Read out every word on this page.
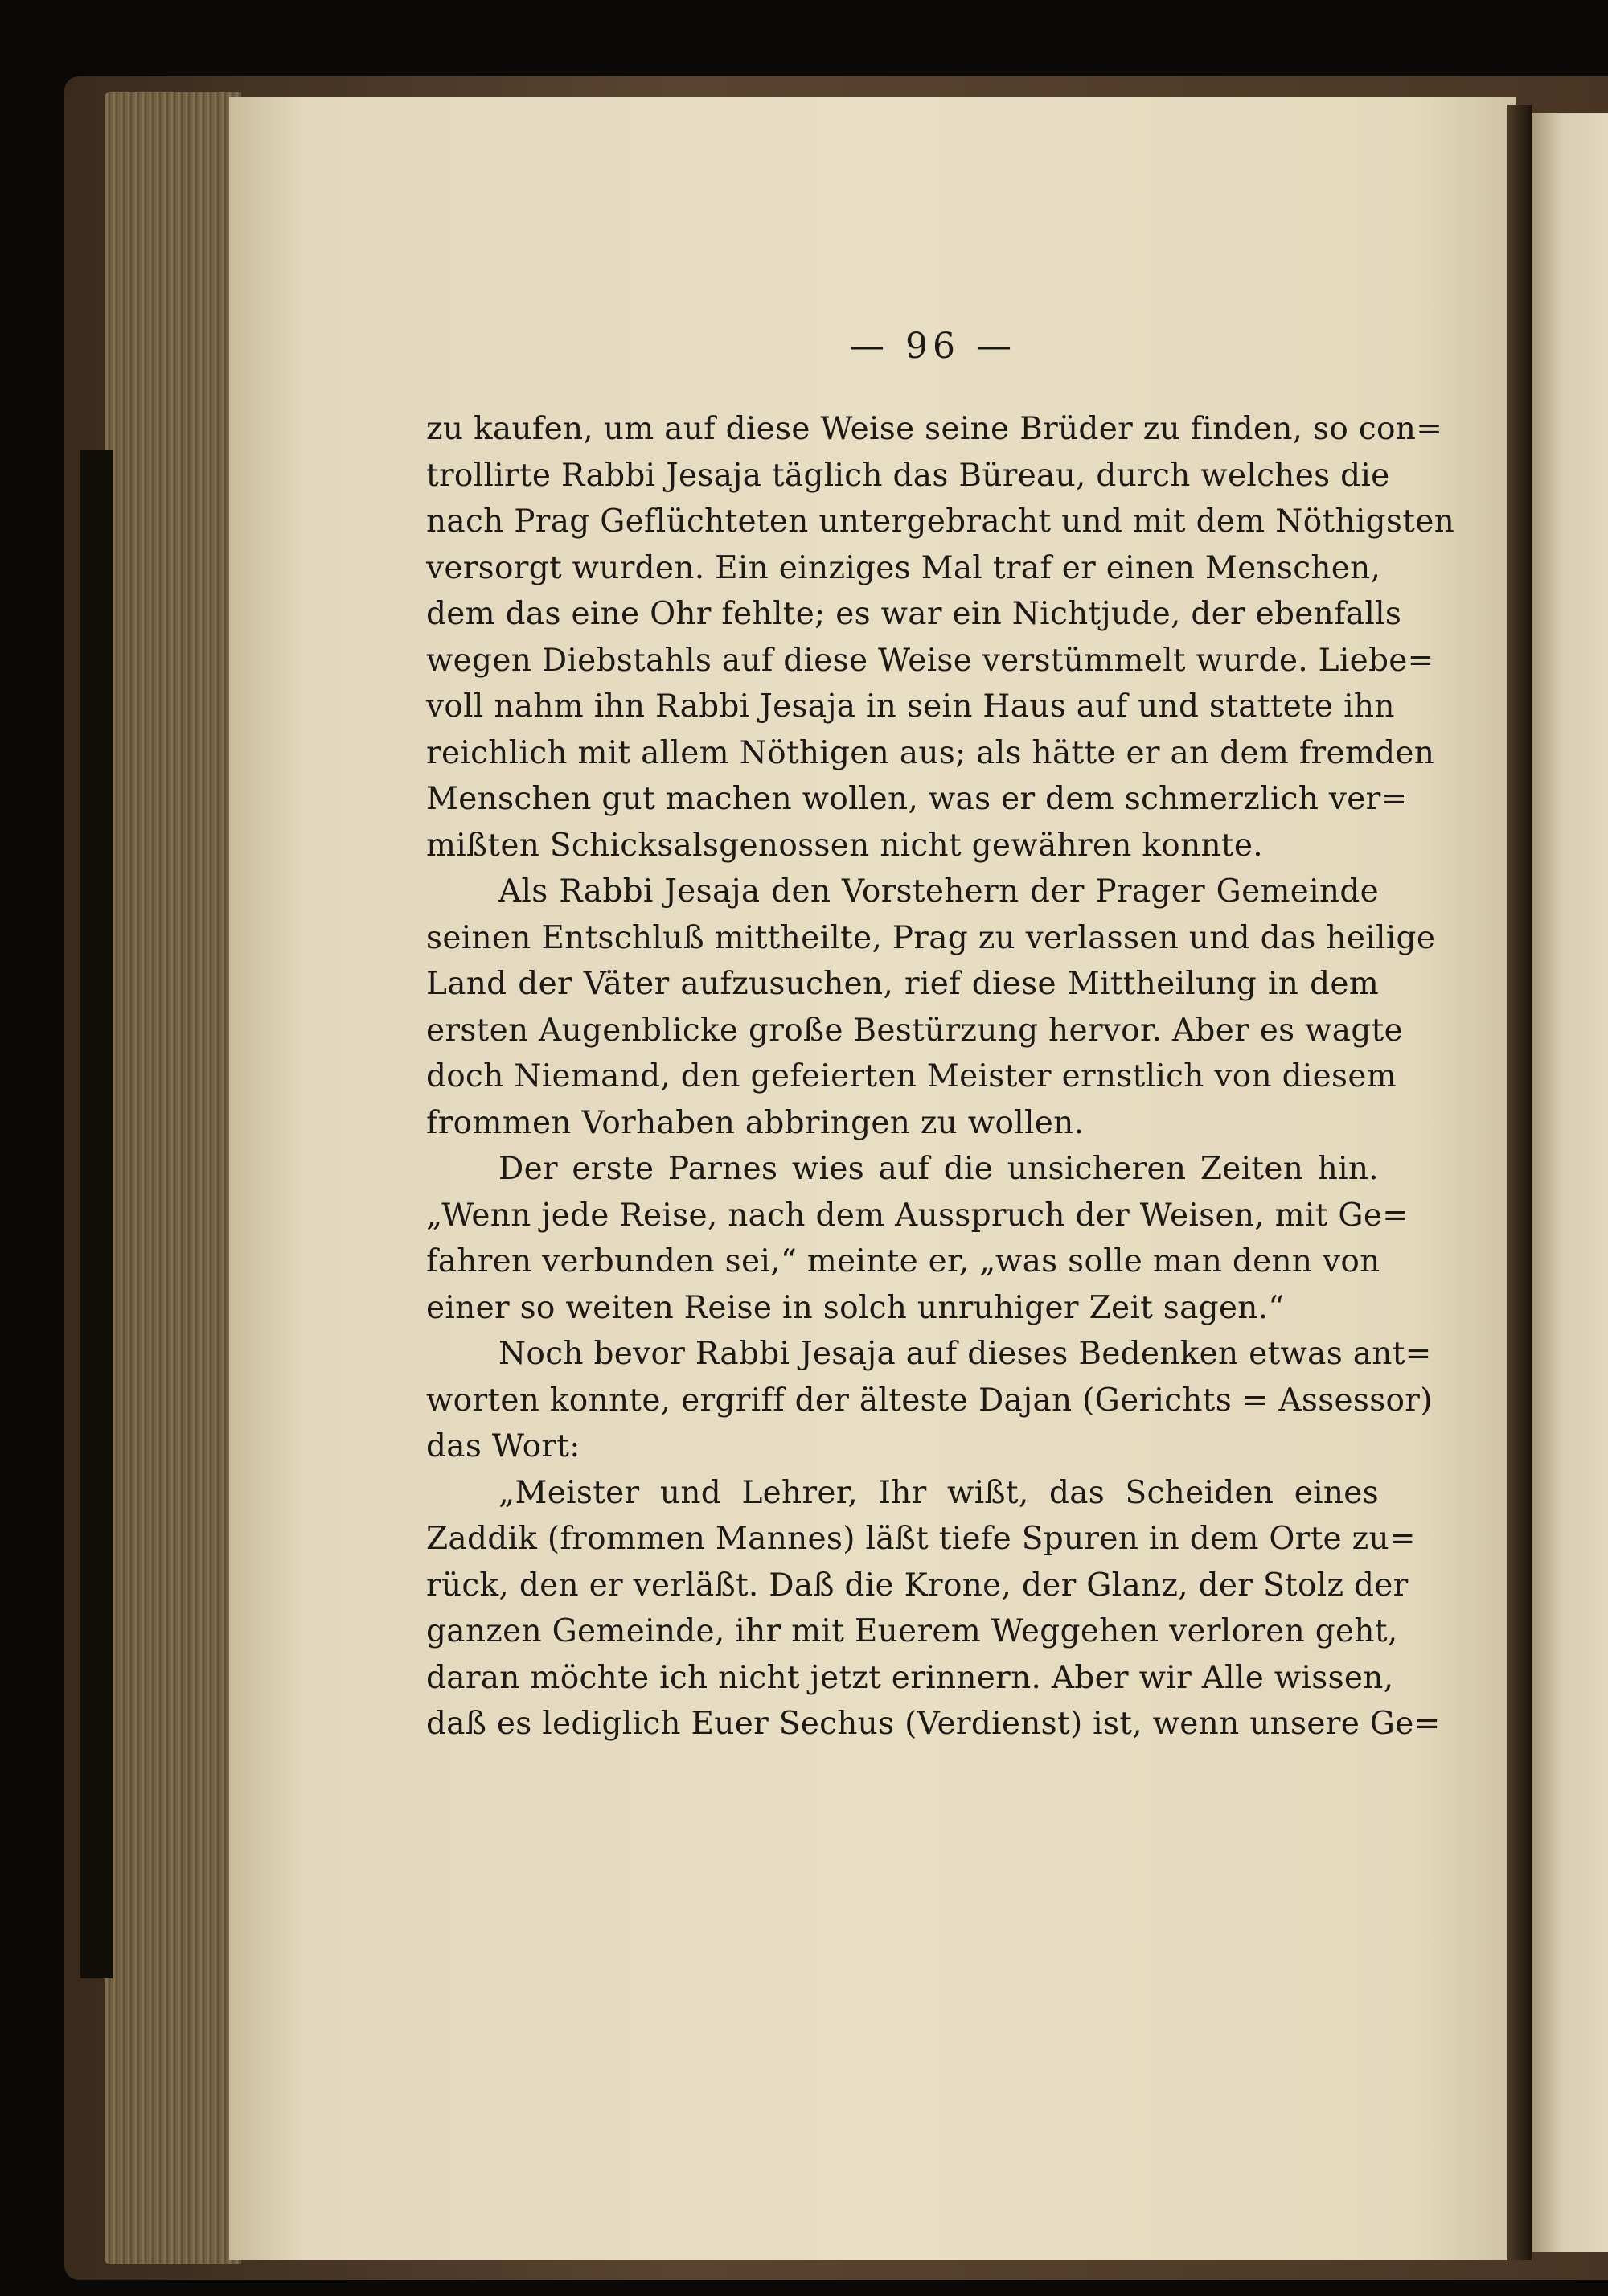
— 96 —
zu kaufen, um auf diese Weise seine Brüder zu finden, so con=
trollirte Rabbi Jesaja täglich das Büreau, durch welches die
nach Prag Geflüchteten untergebracht und mit dem Nöthigsten
versorgt wurden. Ein einziges Mal traf er einen Menschen,
dem das eine Ohr fehlte; es war ein Nichtjude, der ebenfalls
wegen Diebstahls auf diese Weise verstümmelt wurde. Liebe=
voll nahm ihn Rabbi Jesaja in sein Haus auf und stattete ihn
reichlich mit allem Nöthigen aus; als hätte er an dem fremden
Menschen gut machen wollen, was er dem schmerzlich ver=
mißten Schicksalsgenossen nicht gewähren konnte.
Als Rabbi Jesaja den Vorstehern der Prager Gemeinde
seinen Entschluß mittheilte, Prag zu verlassen und das heilige
Land der Väter aufzusuchen, rief diese Mittheilung in dem
ersten Augenblicke große Bestürzung hervor. Aber es wagte
doch Niemand, den gefeierten Meister ernstlich von diesem
frommen Vorhaben abbringen zu wollen.
Der erste Parnes wies auf die unsicheren Zeiten hin.
„Wenn jede Reise, nach dem Ausspruch der Weisen, mit Ge=
fahren verbunden sei,“ meinte er, „was solle man denn von
einer so weiten Reise in solch unruhiger Zeit sagen.“
Noch bevor Rabbi Jesaja auf dieses Bedenken etwas ant=
worten konnte, ergriff der älteste Dajan (Gerichts = Assessor)
das Wort:
„Meister und Lehrer, Ihr wißt, das Scheiden eines
Zaddik (frommen Mannes) läßt tiefe Spuren in dem Orte zu=
rück, den er verläßt. Daß die Krone, der Glanz, der Stolz der
ganzen Gemeinde, ihr mit Euerem Weggehen verloren geht,
daran möchte ich nicht jetzt erinnern. Aber wir Alle wissen,
daß es lediglich Euer Sechus (Verdienst) ist, wenn unsere Ge=
